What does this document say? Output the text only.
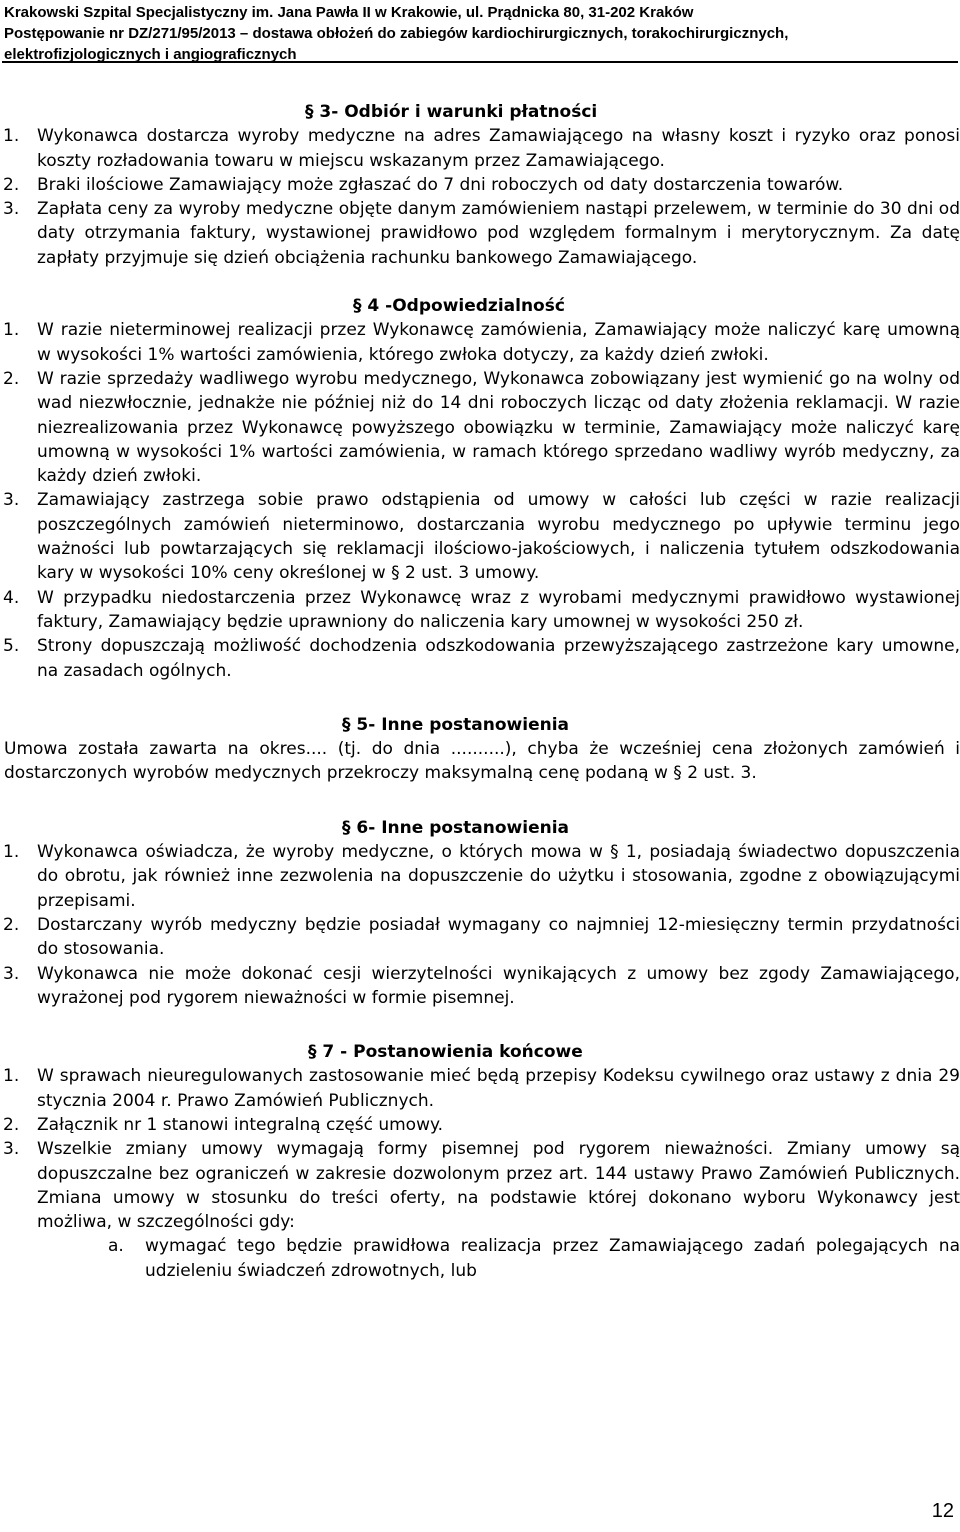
Krakowski Szpital Specjalistyczny im. Jana Pawła II w Krakowie, ul. Prądnicka 80, 31-202 Kraków
Postępowanie nr DZ/271/95/2013 – dostawa obłożeń do zabiegów kardiochirurgicznych, torakochirurgicznych,
elektrofizjologicznych i angiograficznych
§ 3- Odbiór i warunki płatności
1. Wykonawca dostarcza wyroby medyczne na adres Zamawiającego na własny koszt i ryzyko oraz ponosi koszty rozładowania towaru w miejscu wskazanym przez Zamawiającego.
2. Braki ilościowe Zamawiający może zgłaszać do 7 dni roboczych od daty dostarczenia towarów.
3. Zapłata ceny za wyroby medyczne objęte danym zamówieniem nastąpi przelewem, w terminie do 30 dni od daty otrzymania faktury, wystawionej prawidłowo pod względem formalnym i merytorycznym. Za datę zapłaty przyjmuje się dzień obciążenia rachunku bankowego Zamawiającego.
§ 4 -Odpowiedzialność
1. W razie nieterminowej realizacji przez Wykonawcę zamówienia, Zamawiający może naliczyć karę umowną w wysokości 1% wartości zamówienia, którego zwłoka dotyczy, za każdy dzień zwłoki.
2. W razie sprzedaży wadliwego wyrobu medycznego, Wykonawca zobowiązany jest wymienić go na wolny od wad niezwłocznie, jednakże nie później niż do 14 dni roboczych licząc od daty złożenia reklamacji. W razie niezrealizowania przez Wykonawcę powyższego obowiązku w terminie, Zamawiający może naliczyć karę umowną w wysokości 1% wartości zamówienia, w ramach którego sprzedano wadliwy wyrób medyczny, za każdy dzień zwłoki.
3. Zamawiający zastrzega sobie prawo odstąpienia od umowy w całości lub części w razie realizacji poszczególnych zamówień nieterminowo, dostarczania wyrobu medycznego po upływie terminu jego ważności lub powtarzających się reklamacji ilościowo-jakościowych, i naliczenia tytułem odszkodowania kary w wysokości 10% ceny określonej w § 2 ust. 3 umowy.
4. W przypadku niedostarczenia przez Wykonawcę wraz z wyrobami medycznymi prawidłowo wystawionej faktury, Zamawiający będzie uprawniony do naliczenia kary umownej w wysokości 250 zł.
5. Strony dopuszczają możliwość dochodzenia odszkodowania przewyższającego zastrzeżone kary umowne, na zasadach ogólnych.
§ 5- Inne postanowienia
Umowa została zawarta na okres.... (tj. do dnia ..........), chyba że wcześniej cena złożonych zamówień i dostarczonych wyrobów medycznych przekroczy maksymalną cenę podaną w § 2 ust. 3.
§ 6- Inne postanowienia
1. Wykonawca oświadcza, że wyroby medyczne, o których mowa w § 1, posiadają świadectwo dopuszczenia do obrotu, jak również inne zezwolenia na dopuszczenie do użytku i stosowania, zgodne z obowiązującymi przepisami.
2. Dostarczany wyrób medyczny będzie posiadał wymagany co najmniej 12-miesięczny termin przydatności do stosowania.
3. Wykonawca nie może dokonać cesji wierzytelności wynikających z umowy bez zgody Zamawiającego, wyrażonej pod rygorem nieważności w formie pisemnej.
§ 7 - Postanowienia końcowe
1. W sprawach nieuregulowanych zastosowanie mieć będą przepisy Kodeksu cywilnego oraz ustawy z dnia 29 stycznia 2004 r. Prawo Zamówień Publicznych.
2. Załącznik nr 1 stanowi integralną część umowy.
3. Wszelkie zmiany umowy wymagają formy pisemnej pod rygorem nieważności. Zmiany umowy są dopuszczalne bez ograniczeń w zakresie dozwolonym przez art. 144 ustawy Prawo Zamówień Publicznych. Zmiana umowy w stosunku do treści oferty, na podstawie której dokonano wyboru Wykonawcy jest możliwa, w szczególności gdy:
a. wymagać tego będzie prawidłowa realizacja przez Zamawiającego zadań polegających na udzieleniu świadczeń zdrowotnych, lub
12
